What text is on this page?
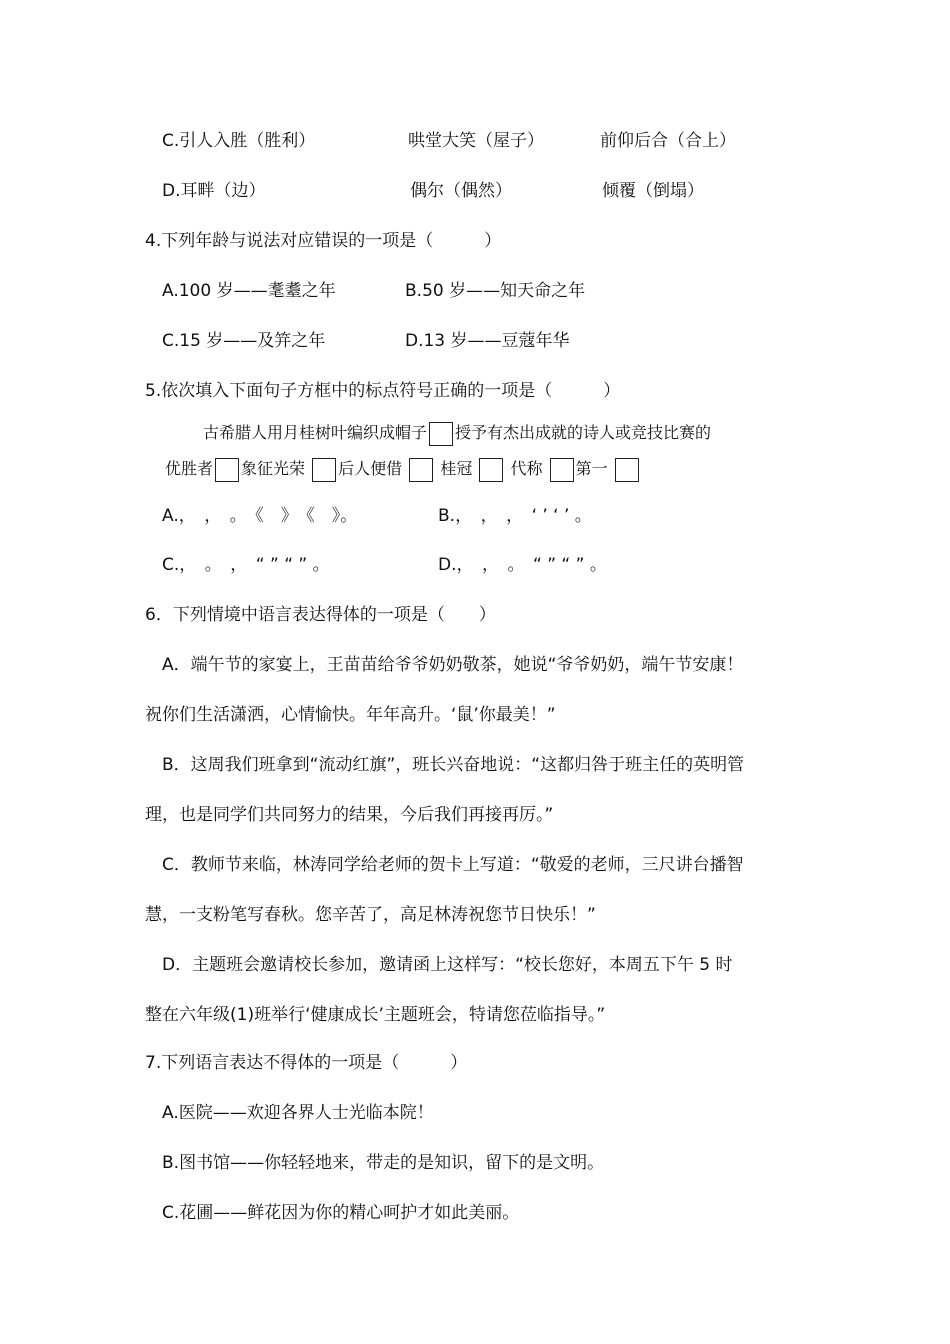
C.引人入胜（胜利）	哄堂大笑（屋子）	前仰后合（合上）
D.耳畔（边）	偶尔（偶然）	倾覆（倒塌）
4.下列年龄与说法对应错误的一项是（　　　）
A.100 岁——耄耋之年	B.50 岁——知天命之年
C.15 岁——及笄之年	D.13 岁——豆蔻年华
5.依次填入下面句子方框中的标点符号正确的一项是（　　　）
古希腊人用月桂树叶编织成帽子 授予有杰出成就的诗人或竞技比赛的
优胜者 象征光荣 后人便借 桂冠 代称 第一
A.，　，　。　《　》　《　》。	B.，　，　，　‘ ’ ‘ ’ 。
C.，　。　，　“ ” “ ” 。	D.，　，　。　“ ” “ ” 。
6．下列情境中语言表达得体的一项是（　　）
A．端午节的家宴上，王苗苗给爷爷奶奶敬茶，她说“爷爷奶奶，端午节安康！
祝你们生活潇洒，心情愉快。年年高升。‘鼠’你最美！”
B．这周我们班拿到“流动红旗”，班长兴奋地说：“这都归咎于班主任的英明管
理，也是同学们共同努力的结果，今后我们再接再厉。”
C．教师节来临，林涛同学给老师的贺卡上写道：“敬爱的老师，三尺讲台播智
慧，一支粉笔写春秋。您辛苦了，高足林涛祝您节日快乐！”
D．主题班会邀请校长参加，邀请函上这样写：“校长您好，本周五下午 5 时
整在六年级(1)班举行‘健康成长’主题班会，特请您莅临指导。”
7.下列语言表达不得体的一项是（　　　）
A.医院——欢迎各界人士光临本院！
B.图书馆——你轻轻地来，带走的是知识，留下的是文明。
C.花圃——鲜花因为你的精心呵护才如此美丽。
